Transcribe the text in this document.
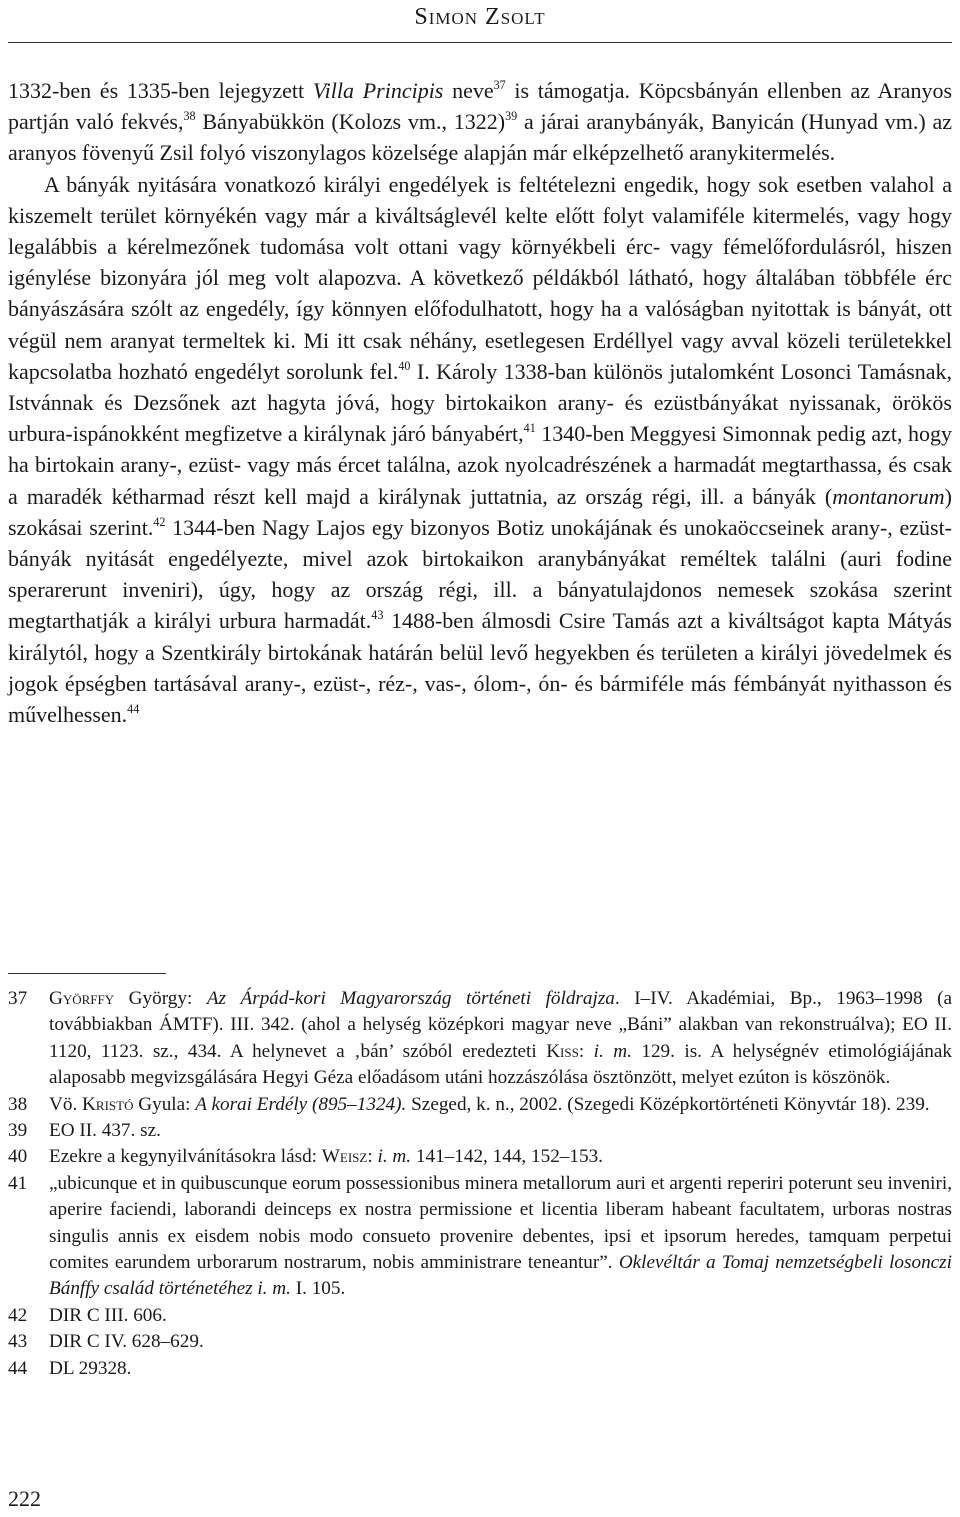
Simon Zsolt

1332-ben és 1335-ben lejegyzett Villa Principis neve$^{37}$ is támogatja. Köpcsbányán ellenben az Aranyos partján való fekvés,$^{38}$ Bányabükkön (Kolozs vm., 1322)$^{39}$ a járai aranybányák, Banyicán (Hunyad vm.) az aranyos fövenyű Zsil folyó viszonylagos közelsége alapján már elképzelhető aranykitermelés.

A bányák nyitására vonatkozó királyi engedélyek is feltételezni engedik, hogy sok esetben valahol a kiszemelt terület környékén vagy már a kiváltságlevél kelte előtt folyt valamiféle kitermelés, vagy hogy legalábbis a kérelmezőnek tudomása volt ottani vagy környékbeli érc- vagy fémelőfordulásról, hiszen igénylése bizonyára jól meg volt alapozva. A következő példákból látható, hogy általában többféle érc bányászására szólt az engedély, így könnyen előfodulhatott, hogy ha a valóságban nyitottak is bányát, ott végül nem aranyat termeltek ki. Mi itt csak néhány, esetlegesen Erdéllyel vagy avval közeli területekkel kapcsolatba hozható engedélyt sorolunk fel.$^{40}$ I. Károly 1338-ban különös jutalomként Losonci Tamásnak, Istvánnak és Dezsőnek azt hagyta jóvá, hogy birtokaikon arany- és ezüstbányákat nyissanak, örökös urbura-ispánokként megfizetve a királynak járó bányabért,$^{41}$ 1340-ben Meggyesi Simonnak pedig azt, hogy ha birtokain arany-, ezüst- vagy más ércet találna, azok nyolcadrészének a harmadát megtarthassa, és csak a maradék kétharmad részt kell majd a királynak juttatnia, az ország régi, ill. a bányák (montanorum) szokásai szerint.$^{42}$ 1344-ben Nagy Lajos egy bizonyos Botiz unokájának és unokaöccseinek arany-, ezüst-bányák nyitását engedélyezte, mivel azok birtokaikon aranybányákat reméltek találni (auri fodine sperarerunt inveniri), úgy, hogy az ország régi, ill. a bányatulajdonos nemesek szokása szerint megtarthatják a királyi urbura harmadát.$^{43}$ 1488-ben álmosdi Csire Tamás azt a kiváltságot kapta Mátyás királytól, hogy a Szentkirály birtokának határán belül levő hegyekben és területen a királyi jövedelmek és jogok épségben tartásával arany-, ezüst-, réz-, vas-, ólom-, ón- és bármiféle más fémbányát nyithasson és művelhessen.$^{44}$

37 Györffy György: Az Árpád-kori Magyarország történeti földrajza. I–IV. Akadémiai, Bp., 1963–1998 (a továbbiakban ÁMTF). III. 342. (ahol a helység középkori magyar neve „Báni” alakban van rekonstruálva); EO II. 1120, 1123. sz., 434. A helynevet a ‚bán’ szóból eredezteti Kiss: i. m. 129. is. A helységnév etimológiájának alaposabb megvizsgálására Hegyi Géza előadásom utáni hozzászólása ösztönzött, melyet ezúton is köszönök.
38 Vö. Kristó Gyula: A korai Erdély (895–1324). Szeged, k. n., 2002. (Szegedi Középkortörténeti Könyvtár 18). 239.
39 EO II. 437. sz.
40 Ezekre a kegynyilvánításokra lásd: Weisz: i. m. 141–142, 144, 152–153.
41 „ubicunque et in quibuscunque eorum possessionibus minera metallorum auri et argenti reperiri poterunt seu inveniri, aperire faciendi, laborandi deinceps ex nostra permissione et licentia liberam habeant facultatem, urboras nostras singulis annis ex eisdem nobis modo consueto provenire debentes, ipsi et ipsorum heredes, tamquam perpetui comites earundem urborarum nostrarum, nobis amministrare teneantur”. Oklevéltár a Tomaj nemzetségbeli losonczi Bánffy család történetéhez i. m. I. 105.
42 DIR C III. 606.
43 DIR C IV. 628–629.
44 DL 29328.
222
